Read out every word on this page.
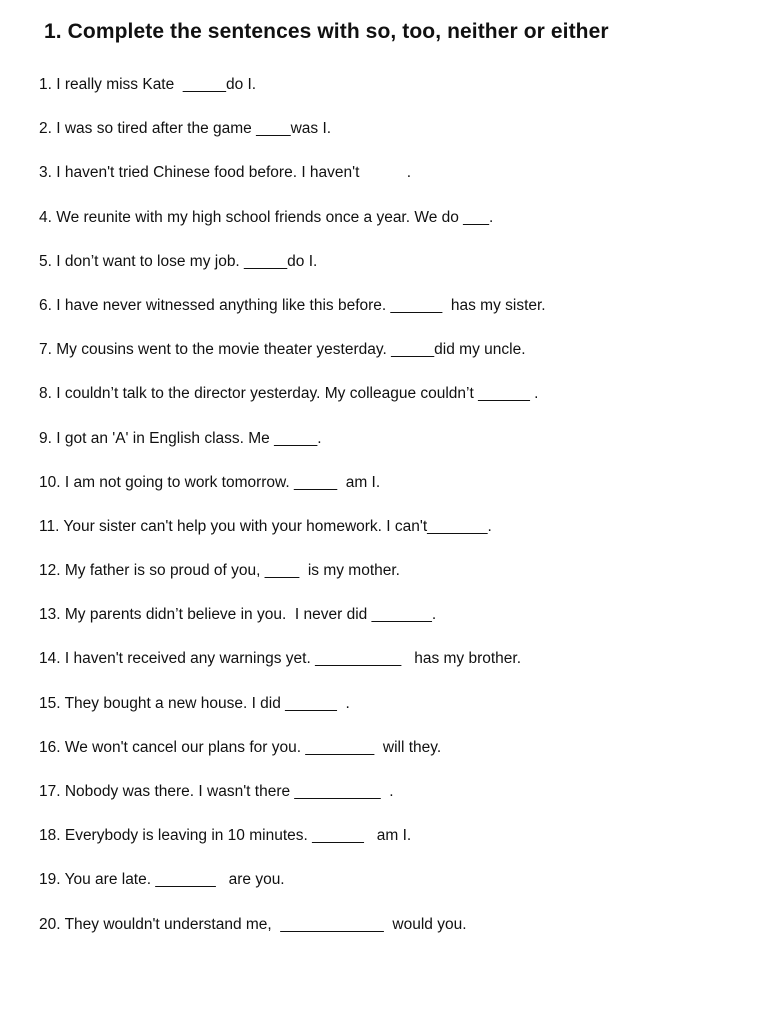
1. Complete the sentences with so, too, neither or either
1. I really miss Kate  _____do I.
2. I was so tired after the game ____was I.
3. I haven't tried Chinese food before. I haven't           .
4. We reunite with my high school friends once a year. We do ___.
5. I don’t want to lose my job. _____do I.
6. I have never witnessed anything like this before. ______  has my sister.
7. My cousins went to the movie theater yesterday. _____did my uncle.
8. I couldn’t talk to the director yesterday. My colleague couldn’t ______ .
9. I got an 'A' in English class. Me _____.
10. I am not going to work tomorrow. _____  am I.
11. Your sister can't help you with your homework. I can't_______.
12. My father is so proud of you, ____  is my mother.
13. My parents didn’t believe in you.  I never did _______.
14. I haven't received any warnings yet. __________   has my brother.
15. They bought a new house. I did ______  .
16. We won't cancel our plans for you. ________  will they.
17. Nobody was there. I wasn't there __________  .
18. Everybody is leaving in 10 minutes. ______   am I.
19. You are late. _______   are you.
20. They wouldn't understand me,  ____________  would you.
